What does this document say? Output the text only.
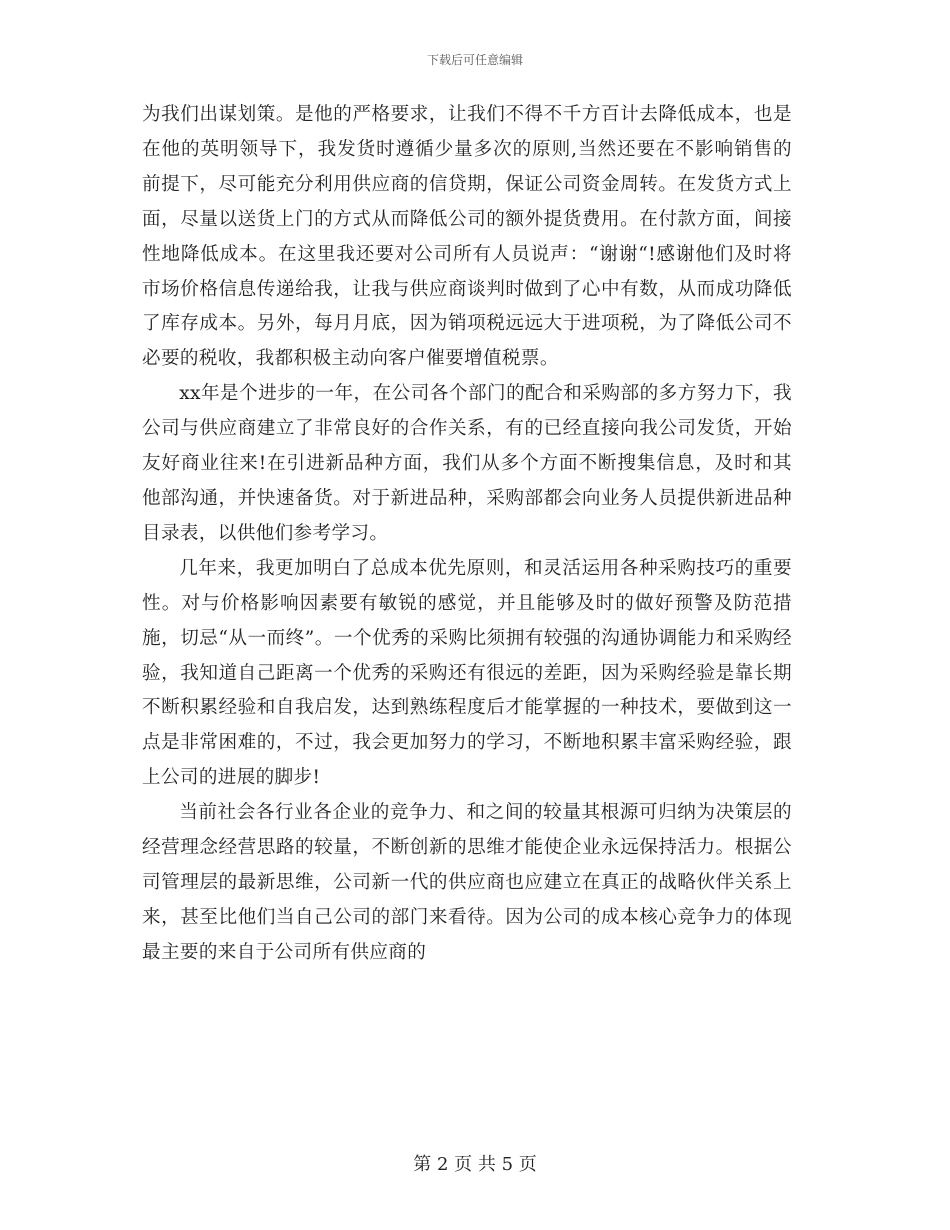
下载后可任意编辑

为我们出谋划策。是他的严格要求，让我们不得不千方百计去降低成本，也是在他的英明领导下，我发货时遵循少量多次的原则,当然还要在不影响销售的前提下，尽可能充分利用供应商的信贷期，保证公司资金周转。在发货方式上面，尽量以送货上门的方式从而降低公司的额外提货费用。在付款方面，间接性地降低成本。在这里我还要对公司所有人员说声：“谢谢“!感谢他们及时将市场价格信息传递给我，让我与供应商谈判时做到了心中有数，从而成功降低了库存成本。另外，每月月底，因为销项税远远大于进项税，为了降低公司不必要的税收，我都积极主动向客户催要增值税票。

xx年是个进步的一年，在公司各个部门的配合和采购部的多方努力下，我公司与供应商建立了非常良好的合作关系，有的已经直接向我公司发货，开始友好商业往来!在引进新品种方面，我们从多个方面不断搜集信息，及时和其他部沟通，并快速备货。对于新进品种，采购部都会向业务人员提供新进品种目录表，以供他们参考学习。

几年来，我更加明白了总成本优先原则，和灵活运用各种采购技巧的重要性。对与价格影响因素要有敏锐的感觉，并且能够及时的做好预警及防范措施，切忌“从一而终”。一个优秀的采购比须拥有较强的沟通协调能力和采购经验，我知道自己距离一个优秀的采购还有很远的差距，因为采购经验是靠长期不断积累经验和自我启发，达到熟练程度后才能掌握的一种技术，要做到这一点是非常困难的，不过，我会更加努力的学习，不断地积累丰富采购经验，跟上公司的进展的脚步!

当前社会各行业各企业的竞争力、和之间的较量其根源可归纳为决策层的经营理念经营思路的较量，不断创新的思维才能使企业永远保持活力。根据公司管理层的最新思维，公司新一代的供应商也应建立在真正的战略伙伴关系上来，甚至比他们当自己公司的部门来看待。因为公司的成本核心竞争力的体现最主要的来自于公司所有供应商的

第 2 页 共 5 页
